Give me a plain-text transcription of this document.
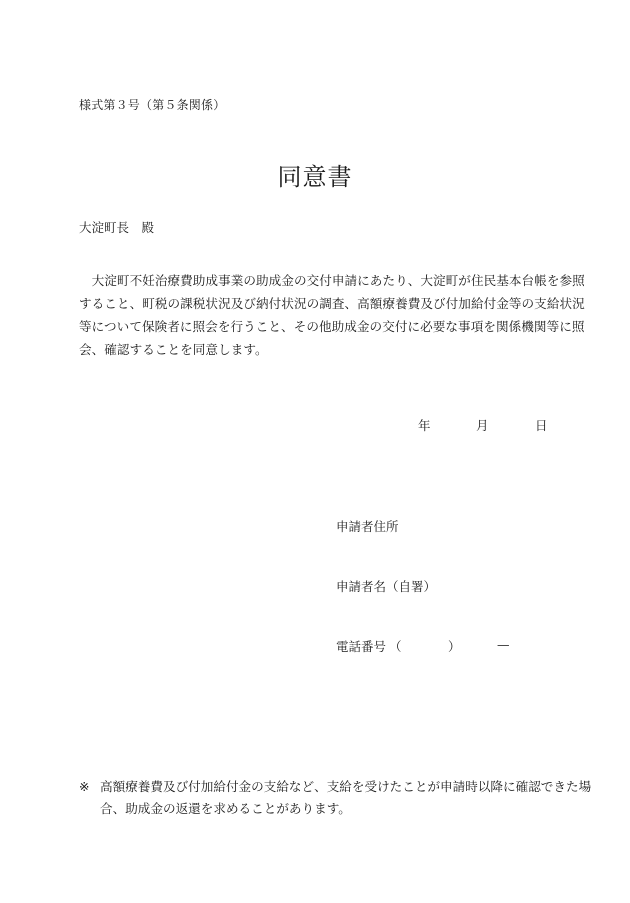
様式第３号（第５条関係）
同意書
大淀町長　殿
　大淀町不妊治療費助成事業の助成金の交付申請にあたり、大淀町が住民基本台帳を参照
すること、町税の課税状況及び納付状況の調査、高額療養費及び付加給付金等の支給状況
等について保険者に照会を行うこと、その他助成金の交付に必要な事項を関係機関等に照
会、確認することを同意します。
年	月	日
申請者住所
申請者名（自署）
電話番号 （	）	—
※ 高額療養費及び付加給付金の支給など、支給を受けたことが申請時以降に確認できた場
合、助成金の返還を求めることがあります。
